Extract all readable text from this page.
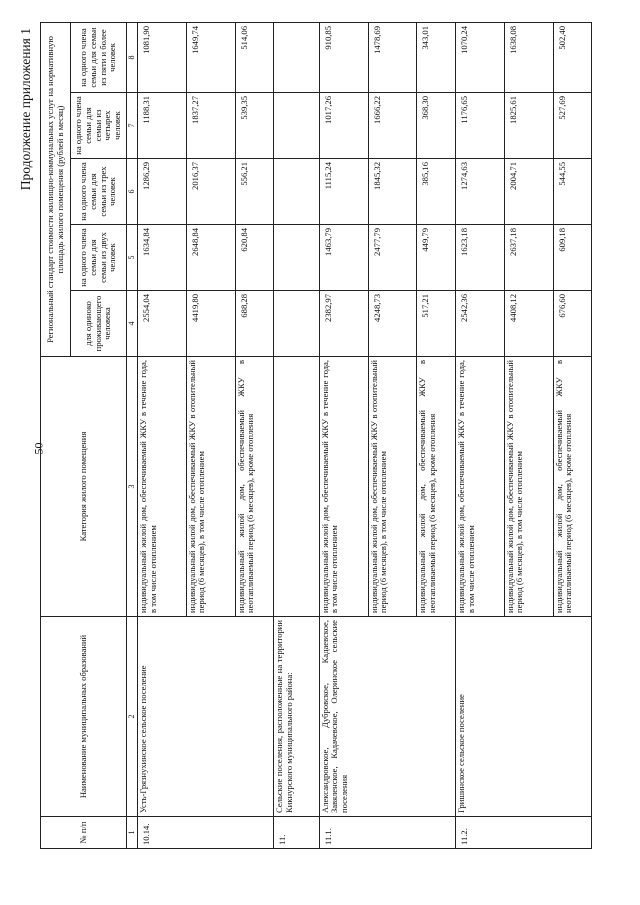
50
Продолжение приложения 1
№ п/п	Наименование муниципальных образований	Категория жилого помещения	Региональный стандарт стоимости жилищно-коммунальных услуг на нормативную площадь жилого помещения (рублей в месяц)				
			для одиноко проживающего человека	на одного члена семьи для семьи из двух человек	на одного члена семьи для семьи из трех человек	на одного члена семьи для семьи из четырех человек	на одного члена семьи для семьи из пяти и более человек
1	2	3	4	5	6	7	8
10.14.	Усть-Грязнухинское сельское поселение	индивидуальный жилой дом, обеспечиваемый ЖКУ в течение года, в том числе отоплением	2554,04	1634,84	1286,29	1188,31	1081,90
		индивидуальный жилой дом, обеспечиваемый ЖКУ в отопительный период (6 месяцев), в том числе отоплением	4419,80	2648,84	2016,37	1837,27	1649,74
		индивидуальный жилой дом, обеспечиваемый ЖКУ в неотапливаемый период (6 месяцев), кроме отопления	688,28	620,84	556,21	539,35	514,06
11.	Сельские поселения, расположенные на территории Кикнурского муниципального района:						
11.1.	Александровское, Дубровское, Кадаевское, Завяленское, Кадачевское, Олеринское сельские поселения	индивидуальный жилой дом, обеспечиваемый ЖКУ в течение года, в том числе отоплением	2382,97	1463,79	1115,24	1017,26	910,85
		индивидуальный жилой дом, обеспечиваемый ЖКУ в отопительный период (6 месяцев), в том числе отоплением	4248,73	2477,79	1845,32	1666,22	1478,69
		индивидуальный жилой дом, обеспечиваемый ЖКУ в неотапливаемый период (6 месяцев), кроме отопления	517,21	449,79	385,16	368,30	343,01
11.2.	Гришинское сельское поселение	индивидуальный жилой дом, обеспечиваемый ЖКУ в течение года, в том числе отоплением	2542,36	1623,18	1274,63	1176,65	1070,24
		индивидуальный жилой дом, обеспечиваемый ЖКУ в отопительный период (6 месяцев), в том числе отоплением	4408,12	2637,18	2004,71	1825,61	1638,08
		индивидуальный жилой дом, обеспечиваемый ЖКУ в неотапливаемый период (6 месяцев), кроме отопления	676,60	609,18	544,55	527,69	502,40
